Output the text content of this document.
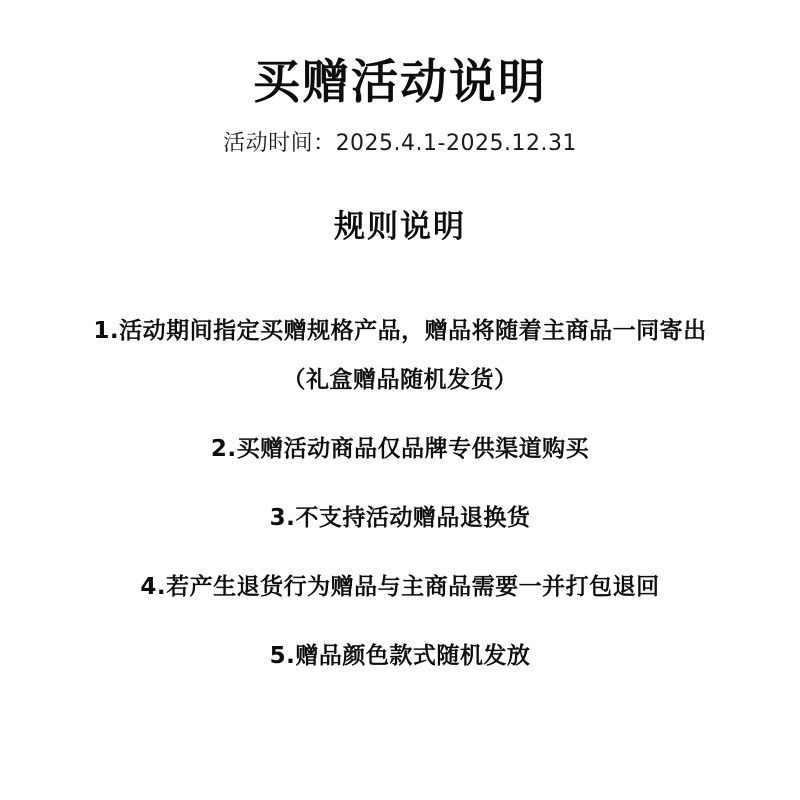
买赠活动说明
活动时间：2025.4.1-2025.12.31
规则说明
1.活动期间指定买赠规格产品，赠品将随着主商品一同寄出
（礼盒赠品随机发货）
2.买赠活动商品仅品牌专供渠道购买
3.不支持活动赠品退换货
4.若产生退货行为赠品与主商品需要一并打包退回
5.赠品颜色款式随机发放
